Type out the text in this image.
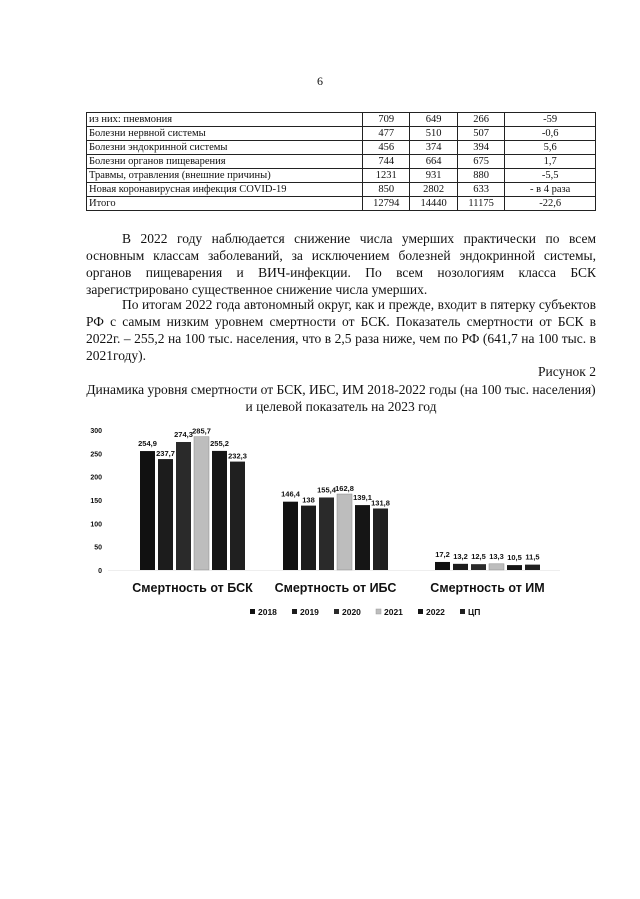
6
из них: пневмония	709	649	266	-59
Болезни нервной системы	477	510	507	-0,6
Болезни эндокринной системы	456	374	394	5,6
Болезни органов пищеварения	744	664	675	1,7
Травмы, отравления (внешние причины)	1231	931	880	-5,5
Новая коронавирусная инфекция COVID-19	850	2802	633	- в 4 раза
Итого	12794	14440	11175	-22,6

В 2022 году наблюдается снижение числа умерших практически по всем основным классам заболеваний, за исключением болезней эндокринной системы, органов пищеварения и ВИЧ-инфекции. По всем нозологиям класса БСК зарегистрировано существенное снижение числа умерших.

По итогам 2022 года автономный округ, как и прежде, входит в пятерку субъектов РФ с самым низким уровнем смертности от БСК. Показатель смертности от БСК в 2022г. – 255,2 на 100 тыс. населения, что в 2,5 раза ниже, чем по РФ (641,7 на 100 тыс. в 2021году).

Рисунок 2
Динамика уровня смертности от БСК, ИБС, ИМ 2018-2022 годы (на 100 тыс. населения) и целевой показатель на 2023 год
0
50
100
150
200
250
300
254,9
237,7
274,3 285,7
255,2
232,3
Смертность от БСК
146,4
138
155,4 162,8
139,1
131,8
Смертность от ИБС
17,2 13,2 12,5 13,3 10,5 11,5
Смертность от ИМ
2018	2019	2020	2021	2022	ЦП
